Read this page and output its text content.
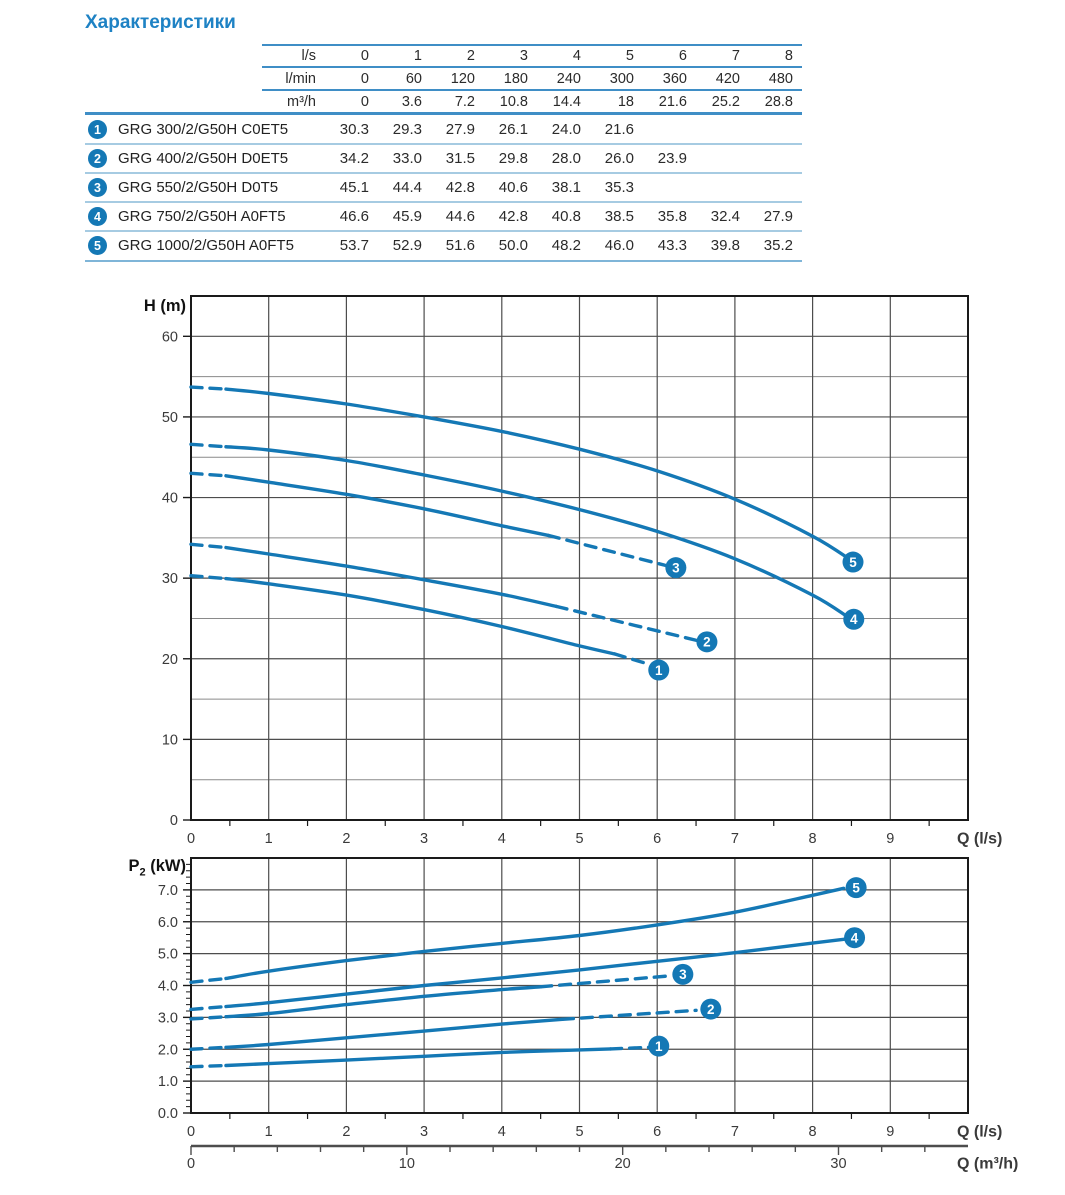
Характеристики
l/s	0	1	2	3	4	5	6	7	8
l/min	0	60	120	180	240	300	360	420	480
m³/h	0	3.6	7.2	10.8	14.4	18	21.6	25.2	28.8
1	GRG 300/2/G50H C0ET5	30.3	29.3	27.9	26.1	24.0	21.6
2	GRG 400/2/G50H D0ET5	34.2	33.0	31.5	29.8	28.0	26.0	23.9
3	GRG 550/2/G50H D0T5	45.1	44.4	42.8	40.6	38.1	35.3
4	GRG 750/2/G50H A0FT5	46.6	45.9	44.6	42.8	40.8	38.5	35.8	32.4	27.9
5	GRG 1000/2/G50H A0FT5	53.7	52.9	51.6	50.0	48.2	46.0	43.3	39.8	35.2
H (m)
$P_2$ (kW)
0
10
20
30
40
50
60
0	1	2	3	4	5	6	7	8	9	Q (l/s)
1
2
3
4
5
0.0
1.0
2.0
3.0
4.0
5.0
6.0
7.0
0	1	2	3	4	5	6	7	8	9	Q (l/s)
1
2
3
4
5
0	10	20	30	Q (m³/h)
